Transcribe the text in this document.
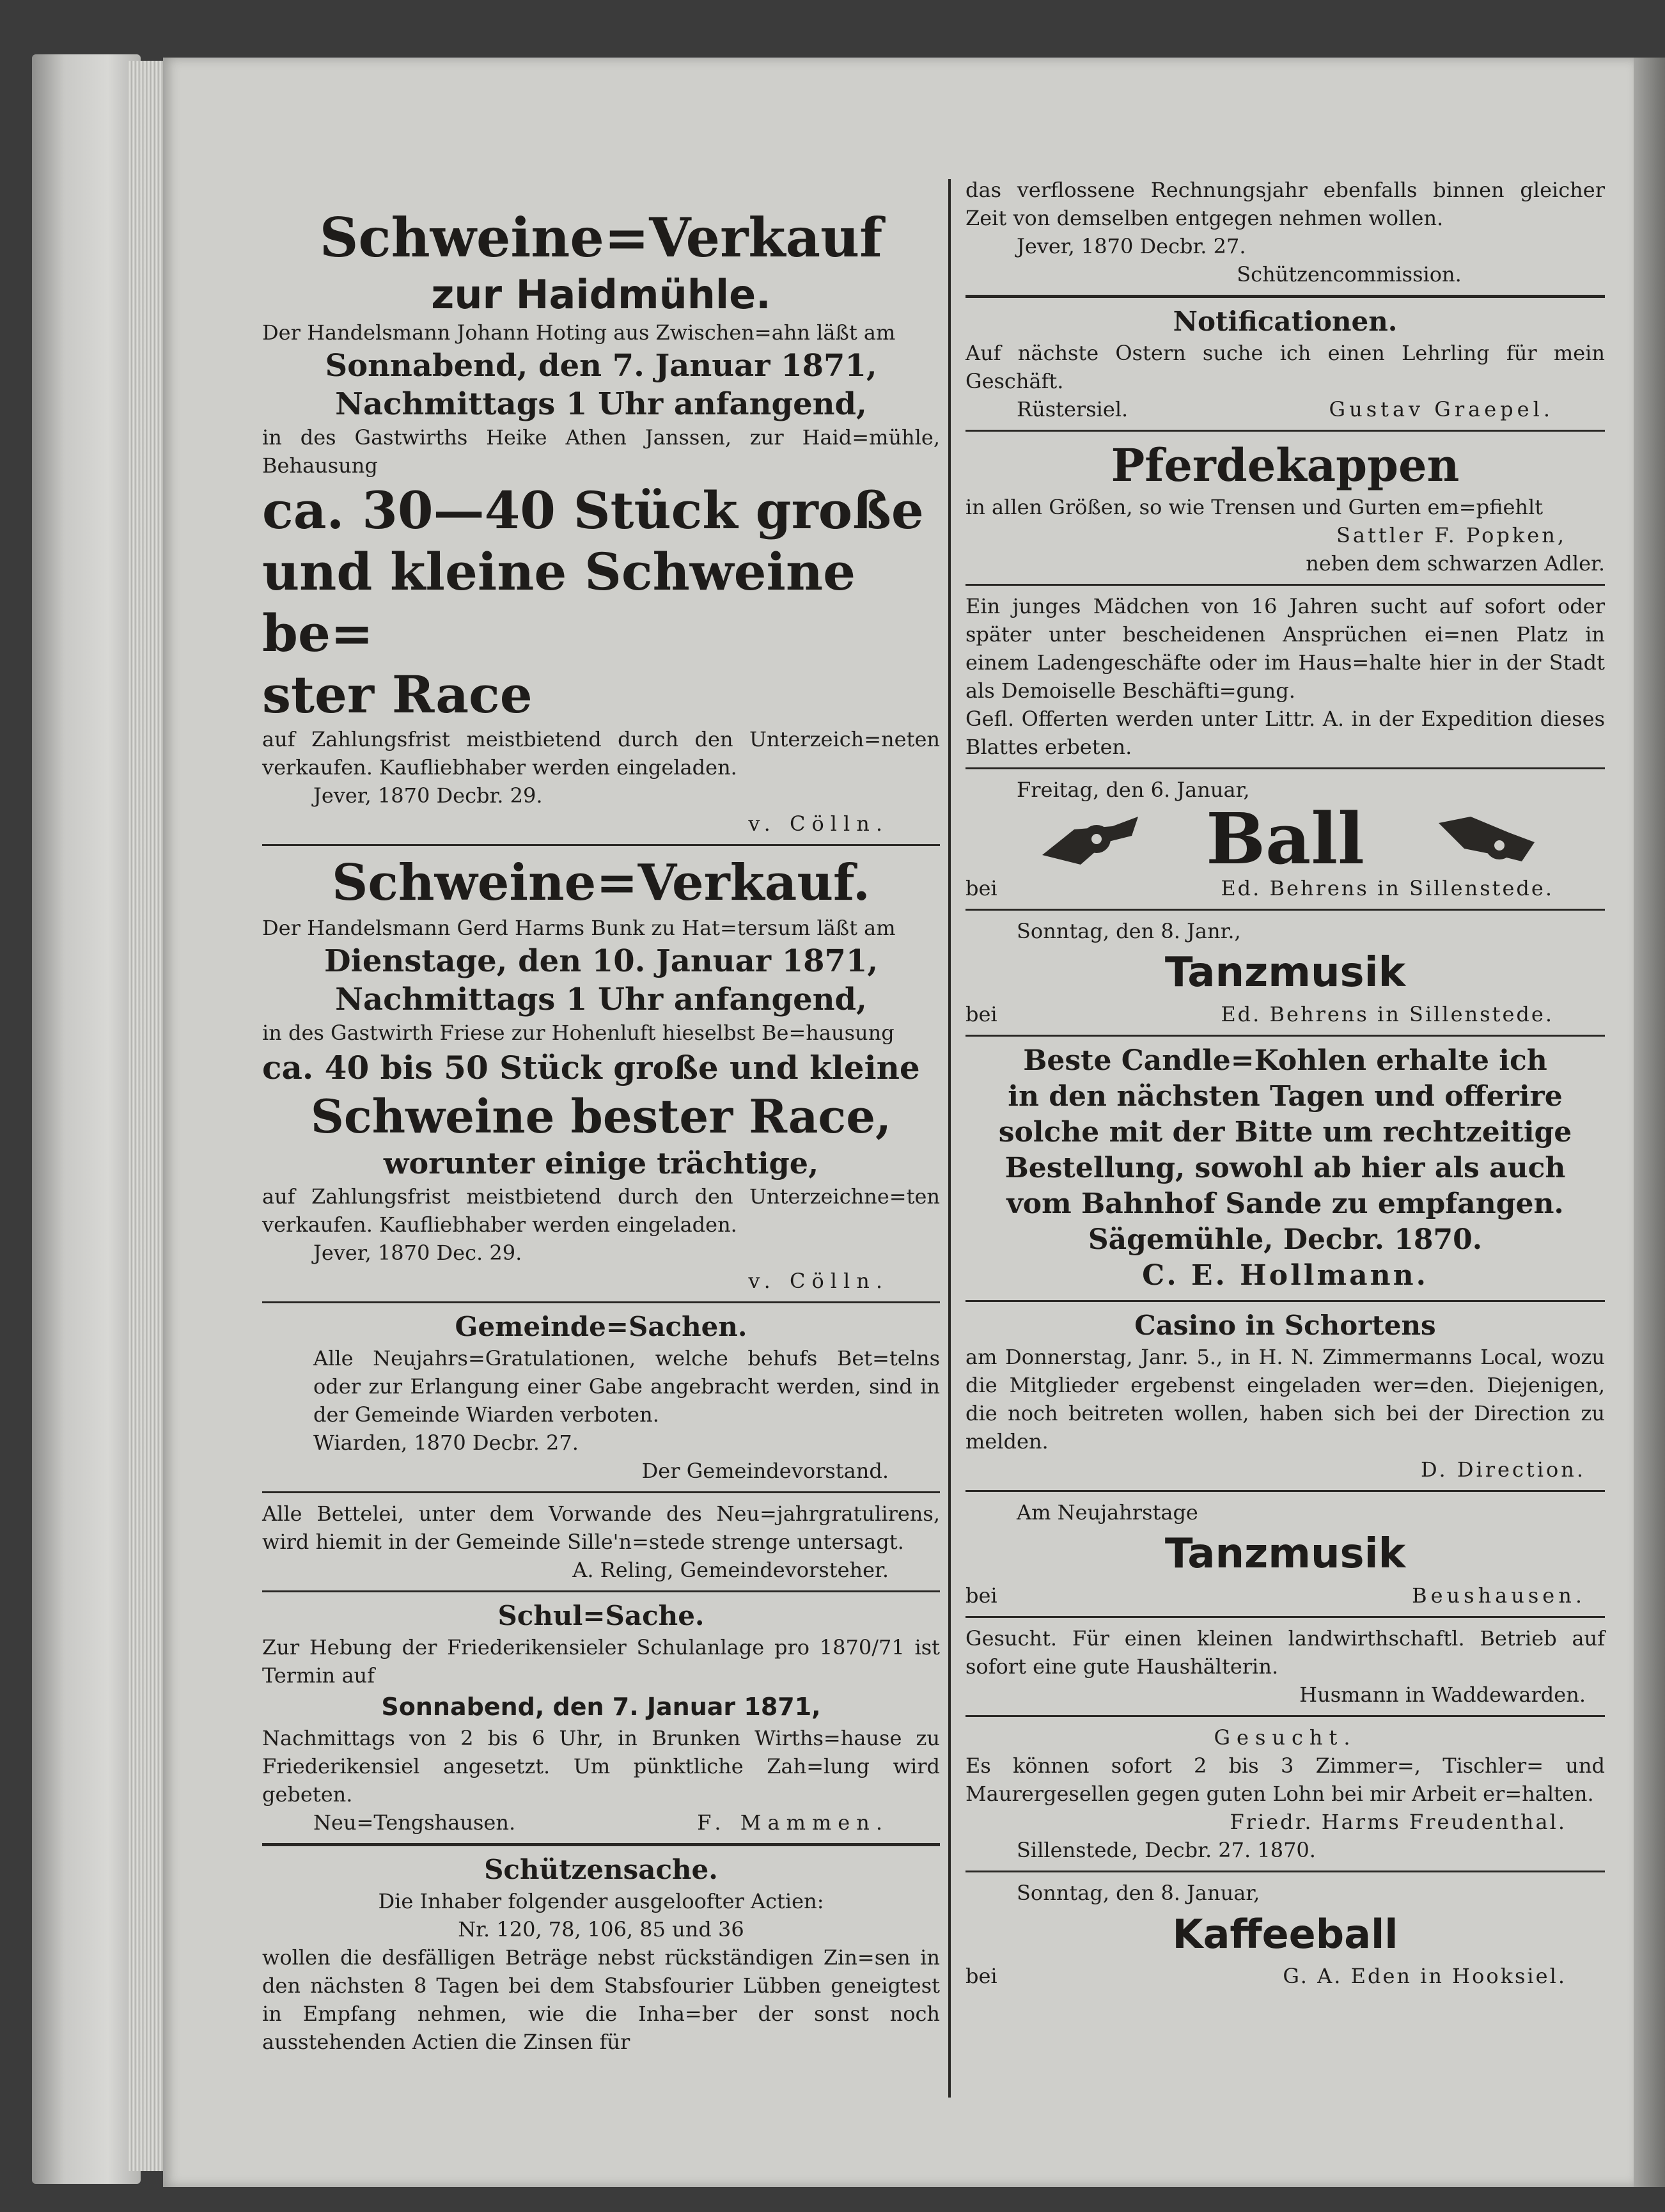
Schweine=Verkauf

zur Haidmühle.

Der Handelsmann Johann Hoting aus Zwischen=ahn läßt am

Sonnabend, den 7. Januar 1871,

Nachmittags 1 Uhr anfangend,

in des Gastwirths Heike Athen Janssen, zur Haid=mühle, Behausung

ca. 30—40 Stück große

und kleine Schweine be=

ster Race

auf Zahlungsfrist meistbietend durch den Unterzeich=neten verkaufen. Kaufliebhaber werden eingeladen.

Jever, 1870 Decbr. 29.

v. Cölln.

Schweine=Verkauf.

Der Handelsmann Gerd Harms Bunk zu Hat=tersum läßt am

Dienstage, den 10. Januar 1871,

Nachmittags 1 Uhr anfangend,

in des Gastwirth Friese zur Hohenluft hieselbst Be=hausung

ca. 40 bis 50 Stück große und kleine

Schweine bester Race,

worunter einige trächtige,

auf Zahlungsfrist meistbietend durch den Unterzeichne=ten verkaufen. Kaufliebhaber werden eingeladen.

Jever, 1870 Dec. 29.

v. Cölln.

Gemeinde=Sachen.

Alle Neujahrs=Gratulationen, welche behufs Bet=telns oder zur Erlangung einer Gabe angebracht werden, sind in der Gemeinde Wiarden verboten.

Wiarden, 1870 Decbr. 27.

Der Gemeindevorstand.

Alle Bettelei, unter dem Vorwande des Neu=jahrgratulirens, wird hiemit in der Gemeinde Sille'n=stede strenge untersagt.

A. Reling, Gemeindevorsteher.

Schul=Sache.

Zur Hebung der Friederikensieler Schulanlage pro 1870/71 ist Termin auf

Sonnabend, den 7. Januar 1871,

Nachmittags von 2 bis 6 Uhr, in Brunken Wirths=hause zu Friederikensiel angesetzt. Um pünktliche Zah=lung wird gebeten.

Neu=Tengshausen.	F. Mammen.

Schützensache.

Die Inhaber folgender ausgeloofter Actien:

Nr. 120, 78, 106, 85 und 36

wollen die desfälligen Beträge nebst rückständigen Zin=sen in den nächsten 8 Tagen bei dem Stabsfourier Lübben geneigtest in Empfang nehmen, wie die Inha=ber der sonst noch ausstehenden Actien die Zinsen für

das verflossene Rechnungsjahr ebenfalls binnen gleicher Zeit von demselben entgegen nehmen wollen.

Jever, 1870 Decbr. 27.

Schützencommission.

Notificationen.

Auf nächste Ostern suche ich einen Lehrling für mein Geschäft.

Rüstersiel.	Gustav Graepel.

Pferdekappen

in allen Größen, so wie Trensen und Gurten em=pfiehlt

Sattler F. Popken,

neben dem schwarzen Adler.

Ein junges Mädchen von 16 Jahren sucht auf sofort oder später unter bescheidenen Ansprüchen ei=nen Platz in einem Ladengeschäfte oder im Haus=halte hier in der Stadt als Demoiselle Beschäfti=gung.

Gefl. Offerten werden unter Littr. A. in der Expedition dieses Blattes erbeten.

Freitag, den 6. Januar,

Ball

bei	Ed. Behrens in Sillenstede.

Sonntag, den 8. Janr.,

Tanzmusik

bei	Ed. Behrens in Sillenstede.

Beste Candle=Kohlen erhalte ich

in den nächsten Tagen und offerire

solche mit der Bitte um rechtzeitige

Bestellung, sowohl ab hier als auch

vom Bahnhof Sande zu empfangen.

Sägemühle, Decbr. 1870.

C. E. Hollmann.

Casino in Schortens

am Donnerstag, Janr. 5., in H. N. Zimmermanns Local, wozu die Mitglieder ergebenst eingeladen wer=den. Diejenigen, die noch beitreten wollen, haben sich bei der Direction zu melden.

D. Direction.

Am Neujahrstage

Tanzmusik

bei	Beushausen.

Gesucht. Für einen kleinen landwirthschaftl. Betrieb auf sofort eine gute Haushälterin.

Husmann in Waddewarden.

Gesucht.

Es können sofort 2 bis 3 Zimmer=, Tischler= und Maurergesellen gegen guten Lohn bei mir Arbeit er=halten.

Friedr. Harms Freudenthal.

Sillenstede, Decbr. 27. 1870.

Sonntag, den 8. Januar,

Kaffeeball

bei	G. A. Eden in Hooksiel.
